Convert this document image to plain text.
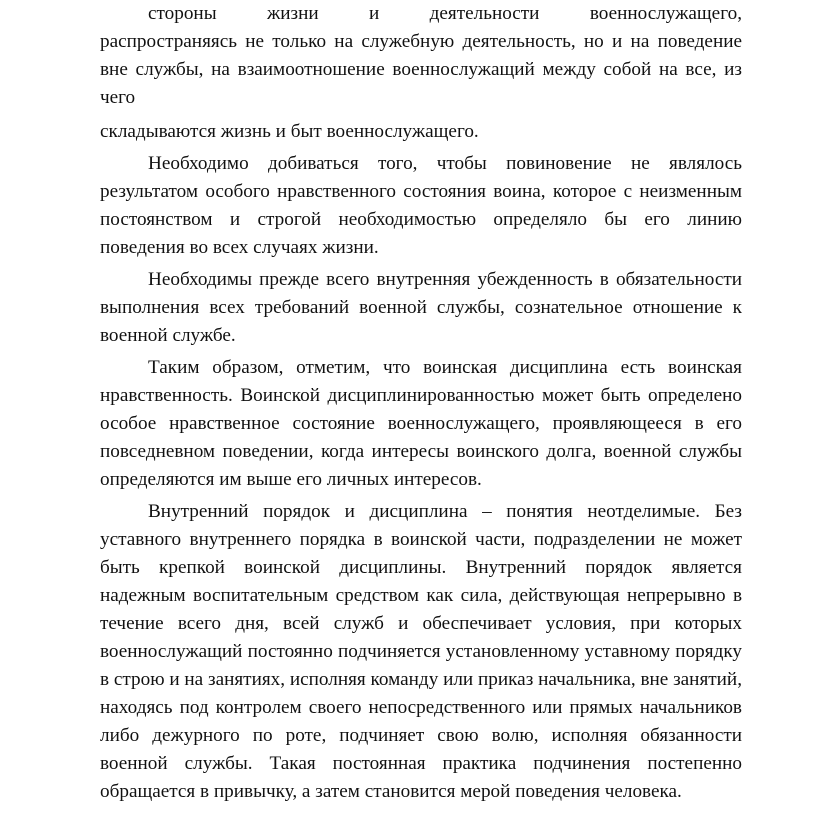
стороны жизни и деятельности военнослужащего,

распространяясь не только на служебную деятельность, но и на поведение вне службы, на взаимоотношение военнослужащий между собой на все, из чего

складываются жизнь и быт военнослужащего.

Необходимо добиваться того, чтобы повиновение не являлось результатом особого нравственного состояния воина, которое с неизменным постоянством и строгой необходимостью определяло бы его линию поведения во всех случаях жизни.

Необходимы прежде всего внутренняя убежденность в обязательности выполнения всех требований военной службы, сознательное отношение к военной службе.

Таким образом, отметим, что воинская дисциплина есть воинская нравственность. Воинской дисциплинированностью может быть определено особое нравственное состояние военнослужащего, проявляющееся в его повседневном поведении, когда интересы воинского долга, военной службы определяются им выше его личных интересов.

Внутренний порядок и дисциплина – понятия неотделимые. Без уставного внутреннего порядка в воинской части, подразделении не может быть крепкой воинской дисциплины. Внутренний порядок является надежным воспитательным средством как сила, действующая непрерывно в течение всего дня, всей служб и обеспечивает условия, при которых военнослужащий постоянно подчиняется установленному уставному порядку в строю и на занятиях, исполняя команду или приказ начальника, вне занятий, находясь под контролем своего непосредственного или прямых начальников либо дежурного по роте, подчиняет свою волю, исполняя обязанности военной службы. Такая постоянная практика подчинения постепенно обращается в привычку, а затем становится мерой поведения человека.
